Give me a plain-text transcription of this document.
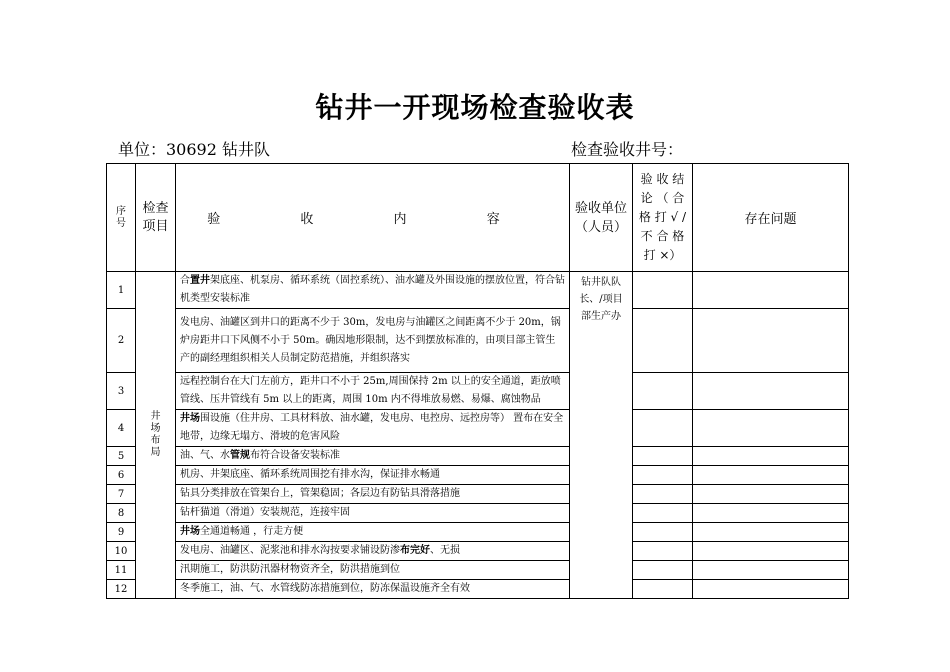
钻井一开现场检查验收表
单位：30692 钻井队	检查验收井号：
序号	检查项目	验 收 内 容	验收单位（人员）	验 收 结 论 （ 合 格 打 √ / 不 合 格 打 ×）	存在问题
1	井场布局	合置井架底座、机泵房、循环系统（固控系统）、油水罐及外围设施的摆放位置，符合钻机类型安装标准	钻井队队长、/项目部生产办		
2		发电房、油罐区到井口的距离不少于 30m，发电房与油罐区之间距离不少于 20m，锅炉房距井口下风侧不小于 50m。确因地形限制，达不到摆放标准的，由项目部主管生产的副经理组织相关人员制定防范措施，并组织落实			
3		远程控制台在大门左前方，距井口不小于 25m,周围保持 2m 以上的安全通道，距放喷管线、压井管线有 5m 以上的距离，周围 10m 内不得堆放易燃、易爆、腐蚀物品			
4		井场围设施（住井房、工具材料放、油水罐，发电房、电控房、远控房等） 置布在安全地带，边缘无塌方、滑坡的危害风险			
5		油、气、水管规布符合设备安装标准			
6		机房、井架底座、循环系统周围挖有排水沟，保证排水畅通			
7		钻具分类排放在管架台上，管架稳固；各层边有防钻具滑落措施			
8		钻杆猫道（滑道）安装规范，连接牢固			
9		井场全通道畅通 ，行走方便			
10		发电房、油罐区、泥浆池和排水沟按要求铺设防渗布完好、无损			
11		汛期施工，防洪防汛器材物资齐全，防洪措施到位			
12		冬季施工，油、气、水管线防冻措施到位，防冻保温设施齐全有效			
